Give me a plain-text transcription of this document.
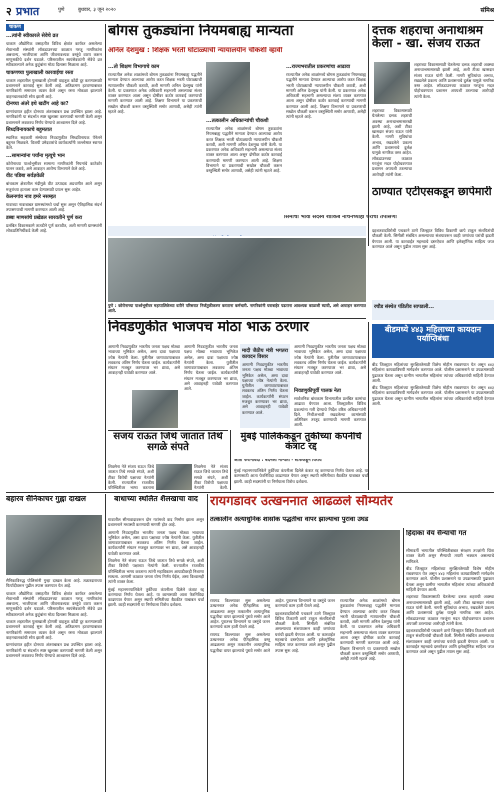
२ प्रभात	पुणे	बुधवार, ३ जून २०२०	संमिश्र
चाकण
...त्यांनी स्वीकारले सेवेचे व्रत

चाकण औद्योगिक वसाहतीत विविध क्षेत्रांत कार्यरत असलेल्या सेवाभावी संस्थांनी लॉकडाउनच्या काळात गरजू नागरिकांना अन्नधान्य, भाजीपाला आणि जीवनावश्यक वस्तूंचे वाटप करून माणुसकीचे दर्शन घडवले. परिसरातील स्वयंसेवकांनी सेवेचे व्रत स्वीकारल्याने अनेक कुटुंबांना मोठा दिलासा मिळाला आहे.

चाकणच्या पुलाखाली कारवाईचा रस्ता

चाकण शहरातील पुलाखाली होणारी वाहतूक कोंडी दूर करण्यासाठी प्रशासनाने कारवाई सुरू केली आहे. अतिक्रमण हटवण्याबाबत नागरिकांनी समाधान व्यक्त केले असून रस्ता मोकळा झाल्याने वाहनचालकांची सोय झाली आहे.

दोनच्या अंतरे इथे खटींग आहे का?

ग्रामपंचायत हद्दीत दोनच्या अंतराबाबत प्रश्न उपस्थित झाला आहे. नागरिकांनी या संदर्भात स्पष्ट खुलासा करण्याची मागणी केली असून प्रशासनाने लवकरच निर्णय घेण्याचे आश्वासन दिले आहे.

सिध्दविनायकाचे बहुमतात

स्थानिक सहकारी संस्थेच्या निवडणुकीत सिध्दविनायक पॅनेलने बहुमत मिळवले. विजयी उमेदवारांचे कार्यकर्त्यांनी जल्लोषात स्वागत केले.

...सामान्यांना पर्यांना मृत्यूचे भान

कोरोनाच्या पार्श्वभूमीवर सामान्य नागरिकांनी नियमांचे काटेकोर पालन करावे, असे आवाहन आरोग्य विभागाने केले आहे.

वीट पडिबा सर्वज्ञवेळी

बांधकाम क्षेत्रातील मंदीमुळे वीट उत्पादक अडचणीत आले असून मजुरांच्या हाताला काम देण्यासाठी प्रयत्न सुरू आहेत.

केलनगांव नाव हमरे नसम्हत

गावाच्या नावाबाबत ग्रामस्थांमध्ये चर्चा सुरू असून ऐतिहासिक संदर्भ तपासण्याची मागणी करण्यात आली आहे.

डब्बा माणसांचे प्रखेडल सारवतीने पूर्ण करा

प्रलंबित विकासकामे तातडीने पूर्ण करावीत, अशी मागणी ग्रामस्थांनी लोकप्रतिनिधींकडे केली आहे.

बोगस तुकड्यांना नियमबाह्य मान्यता
अनिल देशमुख : शिक्षक भरती घोटाळ्याची न्यायालयीन चौकशी व्हावी
...तो शिक्षण विभागाचे काम

राज्यातील अनेक शाळांमध्ये बोगस तुकड्यांना नियमबाह्य पद्धतीने मान्यता देण्यात आल्याचा आरोप करत शिक्षक भरती घोटाळ्याची न्यायालयीन चौकशी करावी, अशी मागणी अनिल देशमुख यांनी केली. या प्रकरणात अनेक अधिकारी सहभागी असल्याचा संशय व्यक्त करण्यात आला असून दोषींवर कठोर कारवाई करण्याची मागणी करण्यात आली आहे. शिक्षण विभागाने या प्रकरणाची सखोल चौकशी करून वस्तुस्थिती समोर आणावी, असेही त्यांनी म्हटले आहे.

...तत्कालीन अधिकाऱ्यांची चौकशी

राज्यातील अनेक शाळांमध्ये बोगस तुकड्यांना नियमबाह्य पद्धतीने मान्यता देण्यात आल्याचा आरोप करत शिक्षक भरती घोटाळ्याची न्यायालयीन चौकशी करावी, अशी मागणी अनिल देशमुख यांनी केली. या प्रकरणात अनेक अधिकारी सहभागी असल्याचा संशय व्यक्त करण्यात आला असून दोषींवर कठोर कारवाई करण्याची मागणी करण्यात आली आहे. शिक्षण विभागाने या प्रकरणाची सखोल चौकशी करून वस्तुस्थिती समोर आणावी, असेही त्यांनी म्हटले आहे.

...राज्यभरातील प्रकरणांचा आढावा

राज्यातील अनेक शाळांमध्ये बोगस तुकड्यांना नियमबाह्य पद्धतीने मान्यता देण्यात आल्याचा आरोप करत शिक्षक भरती घोटाळ्याची न्यायालयीन चौकशी करावी, अशी मागणी अनिल देशमुख यांनी केली. या प्रकरणात अनेक अधिकारी सहभागी असल्याचा संशय व्यक्त करण्यात आला असून दोषींवर कठोर कारवाई करण्याची मागणी करण्यात आली आहे. शिक्षण विभागाने या प्रकरणाची सखोल चौकशी करून वस्तुस्थिती समोर आणावी, असेही त्यांनी म्हटले आहे.

दत्तक शहराचा अनाथाश्रम केला - खा. संजय राऊत

शहराच्या विकासासाठी घेतलेल्या दत्तक शहराची अवस्था अनाथाश्रमासारखी झाली आहे, अशी टीका खासदार संजय राऊत यांनी केली. नागरी सुविधांचा अभाव, रखडलेले प्रकल्प आणि प्रशासनाचे दुर्लक्ष यामुळे नागरिक त्रस्त आहेत. लॉकडाउनच्या काळात गरजूंना मदत पोहोचवण्यात प्रशासन अपयशी ठरल्याचा आरोपही त्यांनी केला.

शहराच्या विकासासाठी घेतलेल्या दत्तक शहराची अवस्था अनाथाश्रमासारखी झाली आहे, अशी टीका खासदार संजय राऊत यांनी केली. नागरी सुविधांचा अभाव, रखडलेले प्रकल्प आणि प्रशासनाचे दुर्लक्ष यामुळे नागरिक त्रस्त आहेत. लॉकडाउनच्या काळात गरजूंना मदत पोहोचवण्यात प्रशासन अपयशी ठरल्याचा आरोपही त्यांनी केला.

पुणे : कोरोनाच्या पार्श्वभूमीवर महापालिकेच्या वतीने परिसरात निर्जंतुकीकरण करताना कर्मचारी. नागरिकांनी घराबाहेर पडताना आवश्यक काळजी घ्यावी, असे आवाहन करण्यात आले.
ठाण्यात एटीएसकडून छापेमारी
सिमीचा भावी सदस्य शाकिब नाचनच्याही घराची तपासणी

दहशतवादविरोधी पथकाने ठाणे जिल्ह्यात विविध ठिकाणी छापे टाकून संशयितांची चौकशी केली. सिमीशी संबंधित असल्याच्या संशयावरून काही जणांच्या घरांची झडती घेण्यात आली. या कारवाईत महत्त्वाचे दस्तऐवज आणि इलेक्ट्रॉनिक साहित्य जप्त करण्यात आले असून पुढील तपास सुरू आहे.

रचौड संस्थेत पंडितीव सापडली...
निवडणुकीत भाजपच मोठा भाऊ ठरणार

आगामी निवडणुकीत भारतीय जनता पक्षच मोठ्या भावाच्या भूमिकेत असेल, असा दावा पक्षाच्या ज्येष्ठ नेत्यांनी केला. युतीतील जागावाटपाबाबत लवकरच अंतिम निर्णय घेतला जाईल. कार्यकर्त्यांनी संघटन मजबूत करण्यावर भर द्यावा, असे आवाहनही यावेळी करण्यात आले.

आगामी निवडणुकीत भारतीय जनता पक्षच मोठ्या भावाच्या भूमिकेत असेल, असा दावा पक्षाच्या ज्येष्ठ नेत्यांनी केला. युतीतील जागावाटपाबाबत लवकरच अंतिम निर्णय घेतला जाईल. कार्यकर्त्यांनी संघटन मजबूत करण्यावर भर द्यावा, असे आवाहनही यावेळी करण्यात आले.

मादी जैठीय मंत्री भगतरा कायदन विसार

आगामी निवडणुकीत भारतीय जनता पक्षच मोठ्या भावाच्या भूमिकेत असेल, असा दावा पक्षाच्या ज्येष्ठ नेत्यांनी केला. युतीतील जागावाटपाबाबत लवकरच अंतिम निर्णय घेतला जाईल. कार्यकर्त्यांनी संघटन मजबूत करण्यावर भर द्यावा, असे आवाहनही यावेळी करण्यात आले.

आगामी निवडणुकीत भारतीय जनता पक्षच मोठ्या भावाच्या भूमिकेत असेल, असा दावा पक्षाच्या ज्येष्ठ नेत्यांनी केला. युतीतील जागावाटपाबाबत लवकरच अंतिम निर्णय घेतला जाईल. कार्यकर्त्यांनी संघटन मजबूत करण्यावर भर द्यावा, असे आवाहनही यावेळी करण्यात आले.

निवडणुकीपूर्वी पालक नेता

सार्वजनिक बांधकाम विभागातील प्रलंबित कामांचा आढावा घेण्यात आला. जिल्ह्यातील विविध प्रकल्पांना गती देण्याचे निर्देश वरिष्ठ अधिकाऱ्यांनी दिले. निधीअभावी रखडलेल्या कामांसाठी अतिरिक्त तरतूद करण्याची मागणी करण्यात आली.

बीडमध्ये ४४३ महिलाच्या कायदान पर्याप्तिबंधा

बीड जिल्ह्यात महिलांच्या सुरक्षिततेसाठी विशेष मोहीम राबवण्यात येत असून ४४३ महिलांना कायद्याविषयी मार्गदर्शन करण्यात आले. पोलीस प्रशासनाने या उपक्रमासाठी पुढाकार घेतला असून ग्रामीण भागातील महिलांना त्यांच्या अधिकारांची माहिती देण्यात आली.

बीड जिल्ह्यात महिलांच्या सुरक्षिततेसाठी विशेष मोहीम राबवण्यात येत असून ४४३ महिलांना कायद्याविषयी मार्गदर्शन करण्यात आले. पोलीस प्रशासनाने या उपक्रमासाठी पुढाकार घेतला असून ग्रामीण भागातील महिलांना त्यांच्या अधिकारांची माहिती देण्यात आली.

संजय राऊत जिथे जातात तिथे सगळे संपते

शिवसेना नेते संजय राऊत जिथे जातात तिथे सगळे संपते, अशी टीका विरोधी पक्षाच्या नेत्यांनी केली. राज्यातील राजकीय परिस्थितीवर भाष्य करताना

शिवसेना नेते संजय राऊत जिथे जातात तिथे सगळे संपते, अशी टीका विरोधी पक्षाच्या नेत्यांनी केली.

मुंबई पालिकेकडून तुर्कीच्या कंपनीचे कंत्राट रद्द
आता फेरनिविदा : बंदनेला मान्यता - स्टेफकहून विरोध

मुंबई महानगरपालिकेने तुर्कीच्या कंपनीला दिलेले कंत्राट रद्द करण्याचा निर्णय घेतला आहे. या कामासाठी आता फेरनिविदा काढण्यात येणार असून स्थायी समितीच्या बैठकीत याबाबत चर्चा झाली. काही सदस्यांनी या निर्णयाला विरोध दर्शवला.

बहारव सैनिकाचर गुह्ना दाखल

सैनिकाविरुद्ध पोलिसांनी गुन्हा दाखल केला आहे. तक्रारदाराच्या फिर्यादीवरून पुढील तपास करण्यात येत आहे.

चाकण औद्योगिक वसाहतीत विविध क्षेत्रांत कार्यरत असलेल्या सेवाभावी संस्थांनी लॉकडाउनच्या काळात गरजू नागरिकांना अन्नधान्य, भाजीपाला आणि जीवनावश्यक वस्तूंचे वाटप करून माणुसकीचे दर्शन घडवले. परिसरातील स्वयंसेवकांनी सेवेचे व्रत स्वीकारल्याने अनेक कुटुंबांना मोठा दिलासा मिळाला आहे.

चाकण शहरातील पुलाखाली होणारी वाहतूक कोंडी दूर करण्यासाठी प्रशासनाने कारवाई सुरू केली आहे. अतिक्रमण हटवण्याबाबत नागरिकांनी समाधान व्यक्त केले असून रस्ता मोकळा झाल्याने वाहनचालकांची सोय झाली आहे.

ग्रामपंचायत हद्दीत दोनच्या अंतराबाबत प्रश्न उपस्थित झाला आहे. नागरिकांनी या संदर्भात स्पष्ट खुलासा करण्याची मागणी केली असून प्रशासनाने लवकरच निर्णय घेण्याचे आश्वासन दिले आहे.

बाधाच्या स्थलित शैलखाचा वाद

गावातील सीमावादावरून दोन गटांमध्ये वाद निर्माण झाला असून प्रशासनाने मध्यस्थी करण्याची मागणी होत आहे.

आगामी निवडणुकीत भारतीय जनता पक्षच मोठ्या भावाच्या भूमिकेत असेल, असा दावा पक्षाच्या ज्येष्ठ नेत्यांनी केला. युतीतील जागावाटपाबाबत लवकरच अंतिम निर्णय घेतला जाईल. कार्यकर्त्यांनी संघटन मजबूत करण्यावर भर द्यावा, असे आवाहनही यावेळी करण्यात आले.

शिवसेना नेते संजय राऊत जिथे जातात तिथे सगळे संपते, अशी टीका विरोधी पक्षाच्या नेत्यांनी केली. राज्यातील राजकीय परिस्थितीवर भाष्य करताना त्यांनी महाविकास आघाडीवरही निशाणा साधला. आगामी काळात जनता योग्य निर्णय घेईल, असा विश्वासही त्यांनी व्यक्त केला.

मुंबई महानगरपालिकेने तुर्कीच्या कंपनीला दिलेले कंत्राट रद्द करण्याचा निर्णय घेतला आहे. या कामासाठी आता फेरनिविदा काढण्यात येणार असून स्थायी समितीच्या बैठकीत याबाबत चर्चा झाली. काही सदस्यांनी या निर्णयाला विरोध दर्शवला.

रायगडावर उत्खननात आढळले सौम्यतेर
तत्कालीन अत्याधुनिक शासोक पद्धतीचा वापर झाल्याचा पुरावा उघड

रायगड किल्ल्यावर सुरू असलेल्या उत्खननात अनेक ऐतिहासिक वस्तू आढळल्या असून तत्कालीन अत्याधुनिक पद्धतीचा वापर झाल्याचे पुरावे समोर आले आहेत. पुरातत्त्व विभागाने या वस्तूंचे जतन करण्याचे काम हाती घेतले आहे.

रायगड किल्ल्यावर सुरू असलेल्या उत्खननात अनेक ऐतिहासिक वस्तू आढळल्या असून तत्कालीन अत्याधुनिक पद्धतीचा वापर झाल्याचे पुरावे समोर आले आहेत. पुरातत्त्व विभागाने या वस्तूंचे जतन करण्याचे काम हाती घेतले आहे.

दहशतवादविरोधी पथकाने ठाणे जिल्ह्यात विविध ठिकाणी छापे टाकून संशयितांची चौकशी केली. सिमीशी संबंधित असल्याच्या संशयावरून काही जणांच्या घरांची झडती घेण्यात आली. या कारवाईत महत्त्वाचे दस्तऐवज आणि इलेक्ट्रॉनिक साहित्य जप्त करण्यात आले असून पुढील तपास सुरू आहे.

राज्यातील अनेक शाळांमध्ये बोगस तुकड्यांना नियमबाह्य पद्धतीने मान्यता देण्यात आल्याचा आरोप करत शिक्षक भरती घोटाळ्याची न्यायालयीन चौकशी करावी, अशी मागणी अनिल देशमुख यांनी केली. या प्रकरणात अनेक अधिकारी सहभागी असल्याचा संशय व्यक्त करण्यात आला असून दोषींवर कठोर कारवाई करण्याची मागणी करण्यात आली आहे. शिक्षण विभागाने या प्रकरणाची सखोल चौकशी करून वस्तुस्थिती समोर आणावी, असेही त्यांनी म्हटले आहे.

हिंदाका वेय सैन्याची गत

सीमावर्ती भागातील परिस्थितीबाबत संरक्षण तज्ज्ञांनी चिंता व्यक्त केली असून सैन्याची तयारी भक्कम असल्याचे सांगितले.

बीड जिल्ह्यात महिलांच्या सुरक्षिततेसाठी विशेष मोहीम राबवण्यात येत असून ४४३ महिलांना कायद्याविषयी मार्गदर्शन करण्यात आले. पोलीस प्रशासनाने या उपक्रमासाठी पुढाकार घेतला असून ग्रामीण भागातील महिलांना त्यांच्या अधिकारांची माहिती देण्यात आली.

शहराच्या विकासासाठी घेतलेल्या दत्तक शहराची अवस्था अनाथाश्रमासारखी झाली आहे, अशी टीका खासदार संजय राऊत यांनी केली. नागरी सुविधांचा अभाव, रखडलेले प्रकल्प आणि प्रशासनाचे दुर्लक्ष यामुळे नागरिक त्रस्त आहेत. लॉकडाउनच्या काळात गरजूंना मदत पोहोचवण्यात प्रशासन अपयशी ठरल्याचा आरोपही त्यांनी केला.

दहशतवादविरोधी पथकाने ठाणे जिल्ह्यात विविध ठिकाणी छापे टाकून संशयितांची चौकशी केली. सिमीशी संबंधित असल्याच्या संशयावरून काही जणांच्या घरांची झडती घेण्यात आली. या कारवाईत महत्त्वाचे दस्तऐवज आणि इलेक्ट्रॉनिक साहित्य जप्त करण्यात आले असून पुढील तपास सुरू आहे.
